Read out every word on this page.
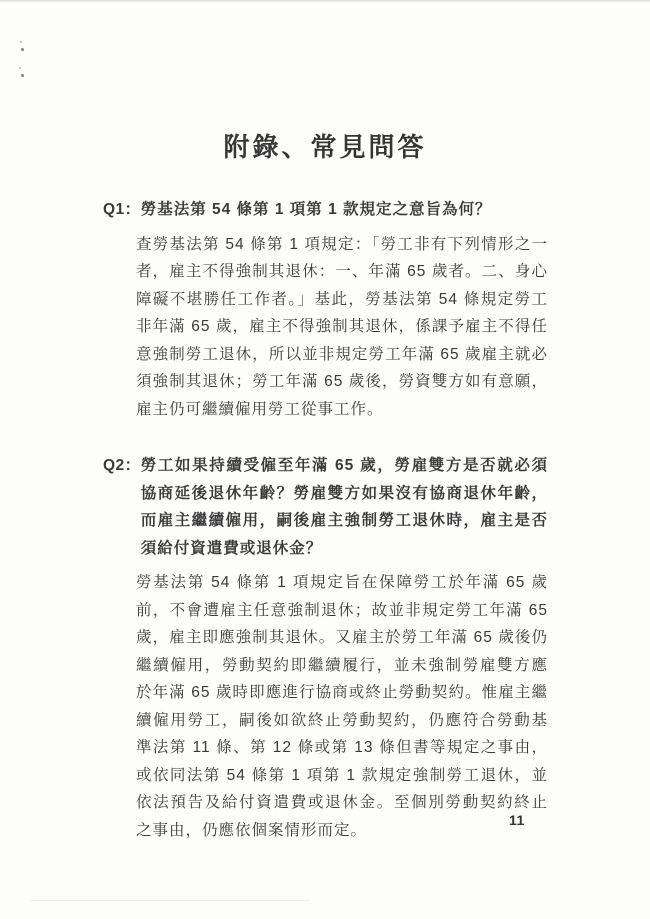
附錄、常見問答
Q1： 勞基法第 54 條第 1 項第 1 款規定之意旨為何？

查勞基法第 54 條第 1 項規定：「勞工非有下列情形之一者，雇主不得強制其退休：一、年滿 65 歲者。二、身心障礙不堪勝任工作者。」基此，勞基法第 54 條規定勞工非年滿 65 歲，雇主不得強制其退休，係課予雇主不得任意強制勞工退休，所以並非規定勞工年滿 65 歲雇主就必須強制其退休；勞工年滿 65 歲後，勞資雙方如有意願，雇主仍可繼續僱用勞工從事工作。

Q2： 勞工如果持續受僱至年滿 65 歲，勞雇雙方是否就必須協商延後退休年齡？勞雇雙方如果沒有協商退休年齡，而雇主繼續僱用，嗣後雇主強制勞工退休時，雇主是否須給付資遣費或退休金？

勞基法第 54 條第 1 項規定旨在保障勞工於年滿 65 歲前，不會遭雇主任意強制退休；故並非規定勞工年滿 65 歲，雇主即應強制其退休。又雇主於勞工年滿 65 歲後仍繼續僱用，勞動契約即繼續履行，並未強制勞雇雙方應於年滿 65 歲時即應進行協商或終止勞動契約。惟雇主繼續僱用勞工，嗣後如欲終止勞動契約，仍應符合勞動基準法第 11 條、第 12 條或第 13 條但書等規定之事由，或依同法第 54 條第 1 項第 1 款規定強制勞工退休，並依法預告及給付資遣費或退休金。至個別勞動契約終止之事由，仍應依個案情形而定。

11
